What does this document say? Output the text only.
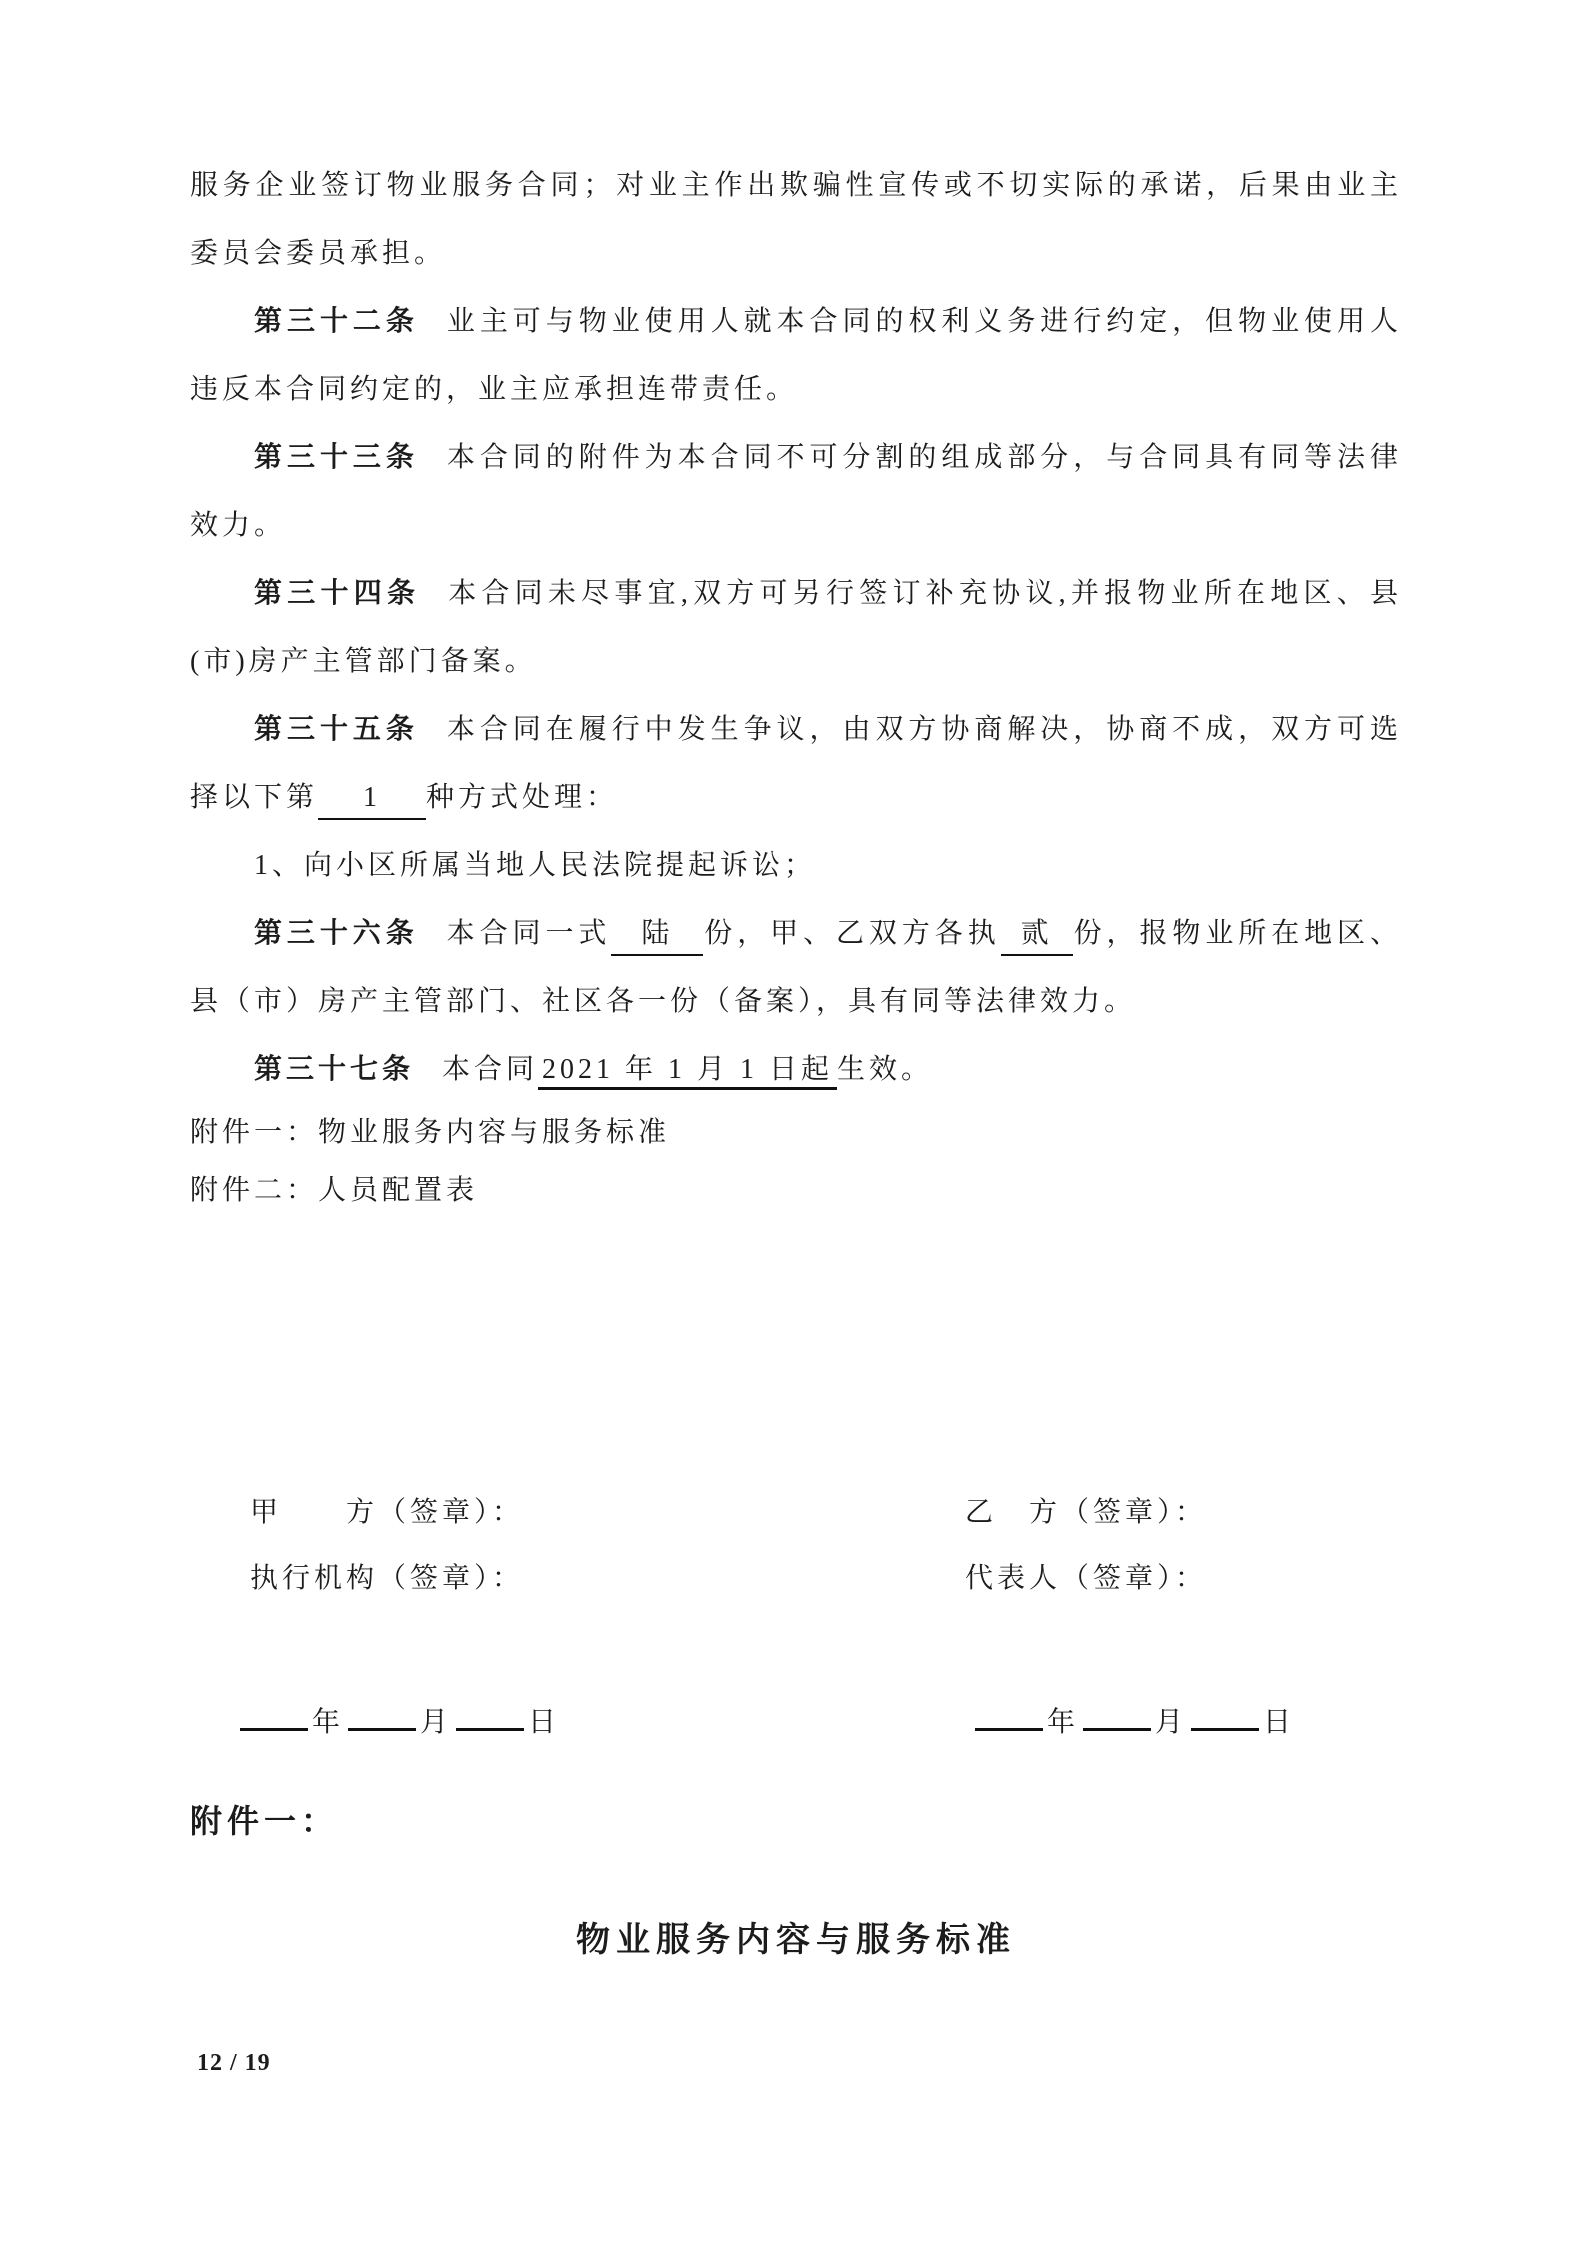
服务企业签订物业服务合同；对业主作出欺骗性宣传或不切实际的承诺，后果由业主委员会委员承担。

第三十二条 业主可与物业使用人就本合同的权利义务进行约定，但物业使用人违反本合同约定的，业主应承担连带责任。

第三十三条 本合同的附件为本合同不可分割的组成部分，与合同具有同等法律效力。

第三十四条 本合同未尽事宜,双方可另行签订补充协议,并报物业所在地区、县(市)房产主管部门备案。

第三十五条 本合同在履行中发生争议，由双方协商解决，协商不成，双方可选择以下第 1 种方式处理：

1、向小区所属当地人民法院提起诉讼；

第三十六条 本合同一式 陆 份，甲、乙双方各执 贰 份，报物业所在地区、县（市）房产主管部门、社区各一份（备案），具有同等法律效力。

第三十七条 本合同 2021 年 1 月 1 日起 生效。

附件一：物业服务内容与服务标准

附件二：人员配置表

甲　　方（签章）：	乙　方（签章）：
执行机构（签章）：	代表人（签章）：
年	月	日	年	月	日
附件一：
物业服务内容与服务标准
12 / 19
